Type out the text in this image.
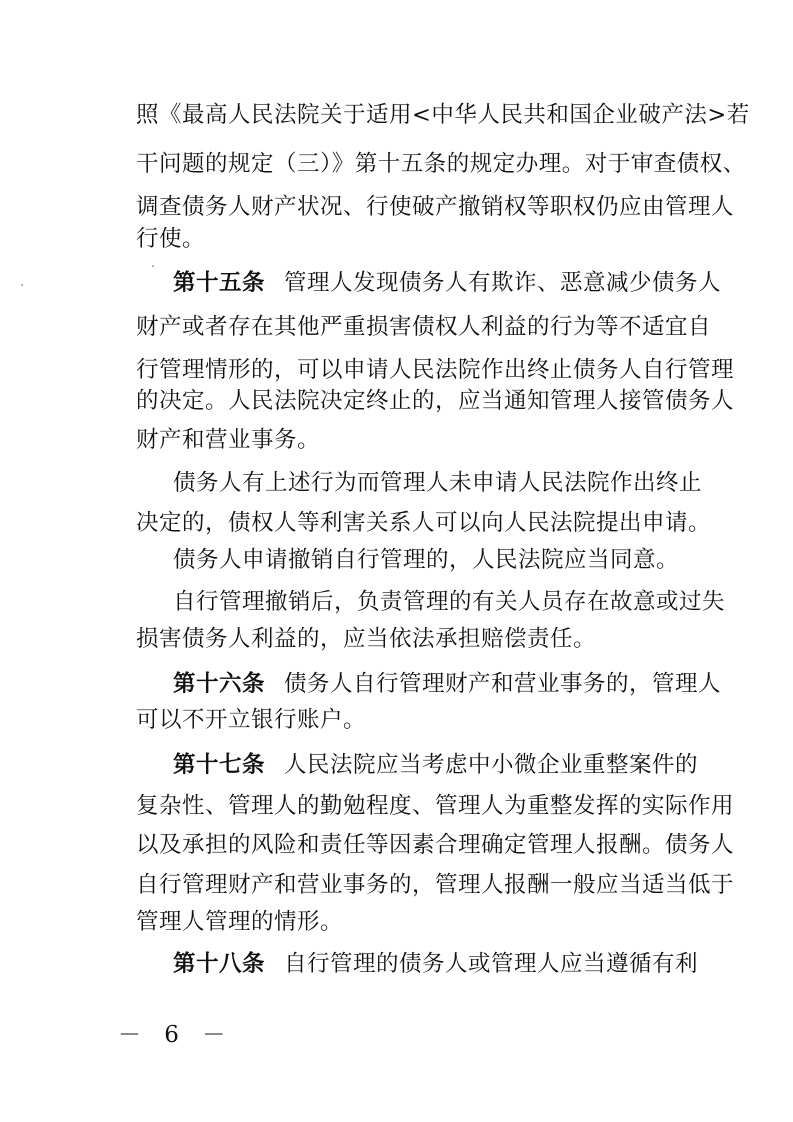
照《最高人民法院关于适用<中华人民共和国企业破产法>若
干问题的规定（三）》第十五条的规定办理。对于审查债权、
调查债务人财产状况、行使破产撤销权等职权仍应由管理人
行使。
第十五条 管理人发现债务人有欺诈、恶意减少债务人
财产或者存在其他严重损害债权人利益的行为等不适宜自
行管理情形的，可以申请人民法院作出终止债务人自行管理
的决定。人民法院决定终止的，应当通知管理人接管债务人
财产和营业事务。
债务人有上述行为而管理人未申请人民法院作出终止
决定的，债权人等利害关系人可以向人民法院提出申请。
债务人申请撤销自行管理的，人民法院应当同意。
自行管理撤销后，负责管理的有关人员存在故意或过失
损害债务人利益的，应当依法承担赔偿责任。
第十六条 债务人自行管理财产和营业事务的，管理人
可以不开立银行账户。
第十七条 人民法院应当考虑中小微企业重整案件的
复杂性、管理人的勤勉程度、管理人为重整发挥的实际作用
以及承担的风险和责任等因素合理确定管理人报酬。债务人
自行管理财产和营业事务的，管理人报酬一般应当适当低于
管理人管理的情形。
第十八条 自行管理的债务人或管理人应当遵循有利
－ 6 －
